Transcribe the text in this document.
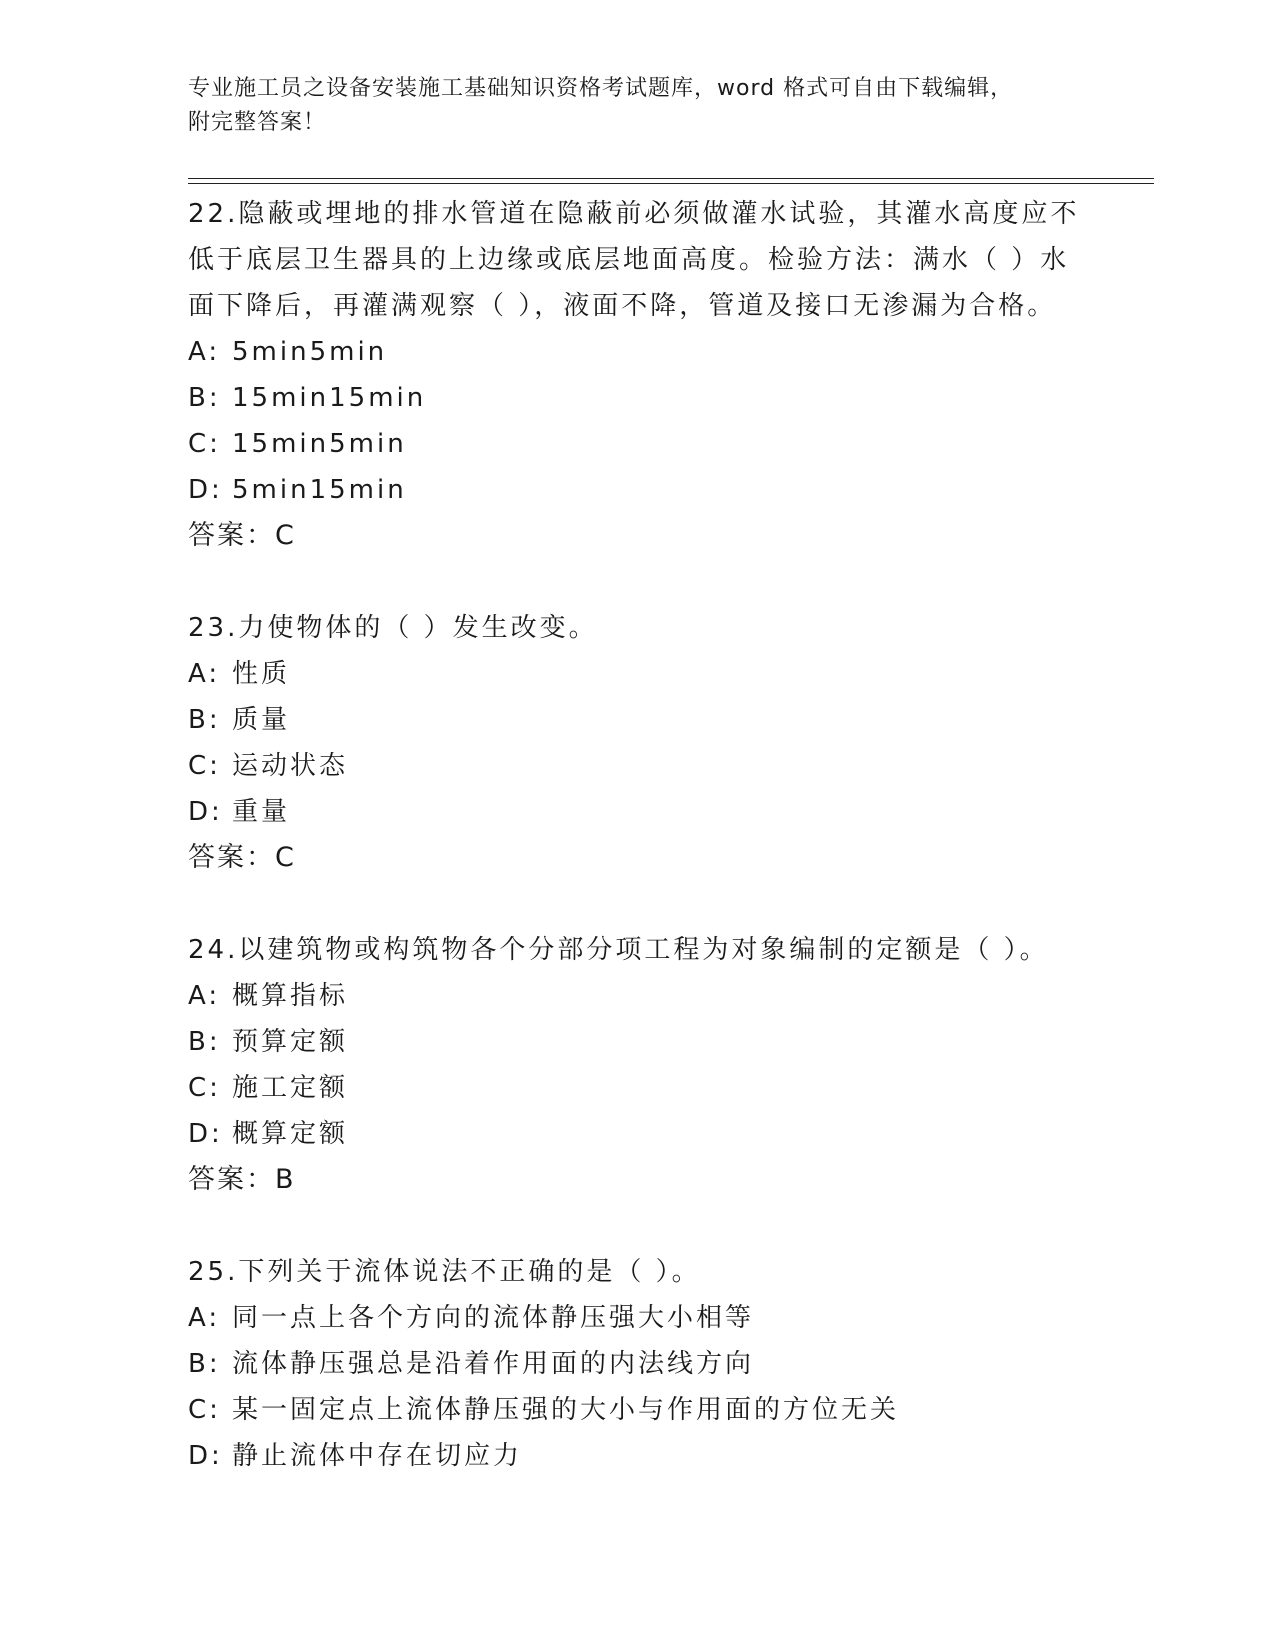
专业施工员之设备安装施工基础知识资格考试题库，word 格式可自由下载编辑，
附完整答案！

22.隐蔽或埋地的排水管道在隐蔽前必须做灌水试验，其灌水高度应不低于底层卫生器具的上边缘或底层地面高度。检验方法：满水（ ）水面下降后，再灌满观察（ ），液面不降，管道及接口无渗漏为合格。

A: 5min5min

B: 15min15min

C: 15min5min

D: 5min15min

答案：C

23.力使物体的（ ）发生改变。

A: 性质

B: 质量

C: 运动状态

D: 重量

答案：C

24.以建筑物或构筑物各个分部分项工程为对象编制的定额是（ ）。

A: 概算指标

B: 预算定额

C: 施工定额

D: 概算定额

答案：B

25.下列关于流体说法不正确的是（ ）。

A: 同一点上各个方向的流体静压强大小相等

B: 流体静压强总是沿着作用面的内法线方向

C: 某一固定点上流体静压强的大小与作用面的方位无关

D: 静止流体中存在切应力
